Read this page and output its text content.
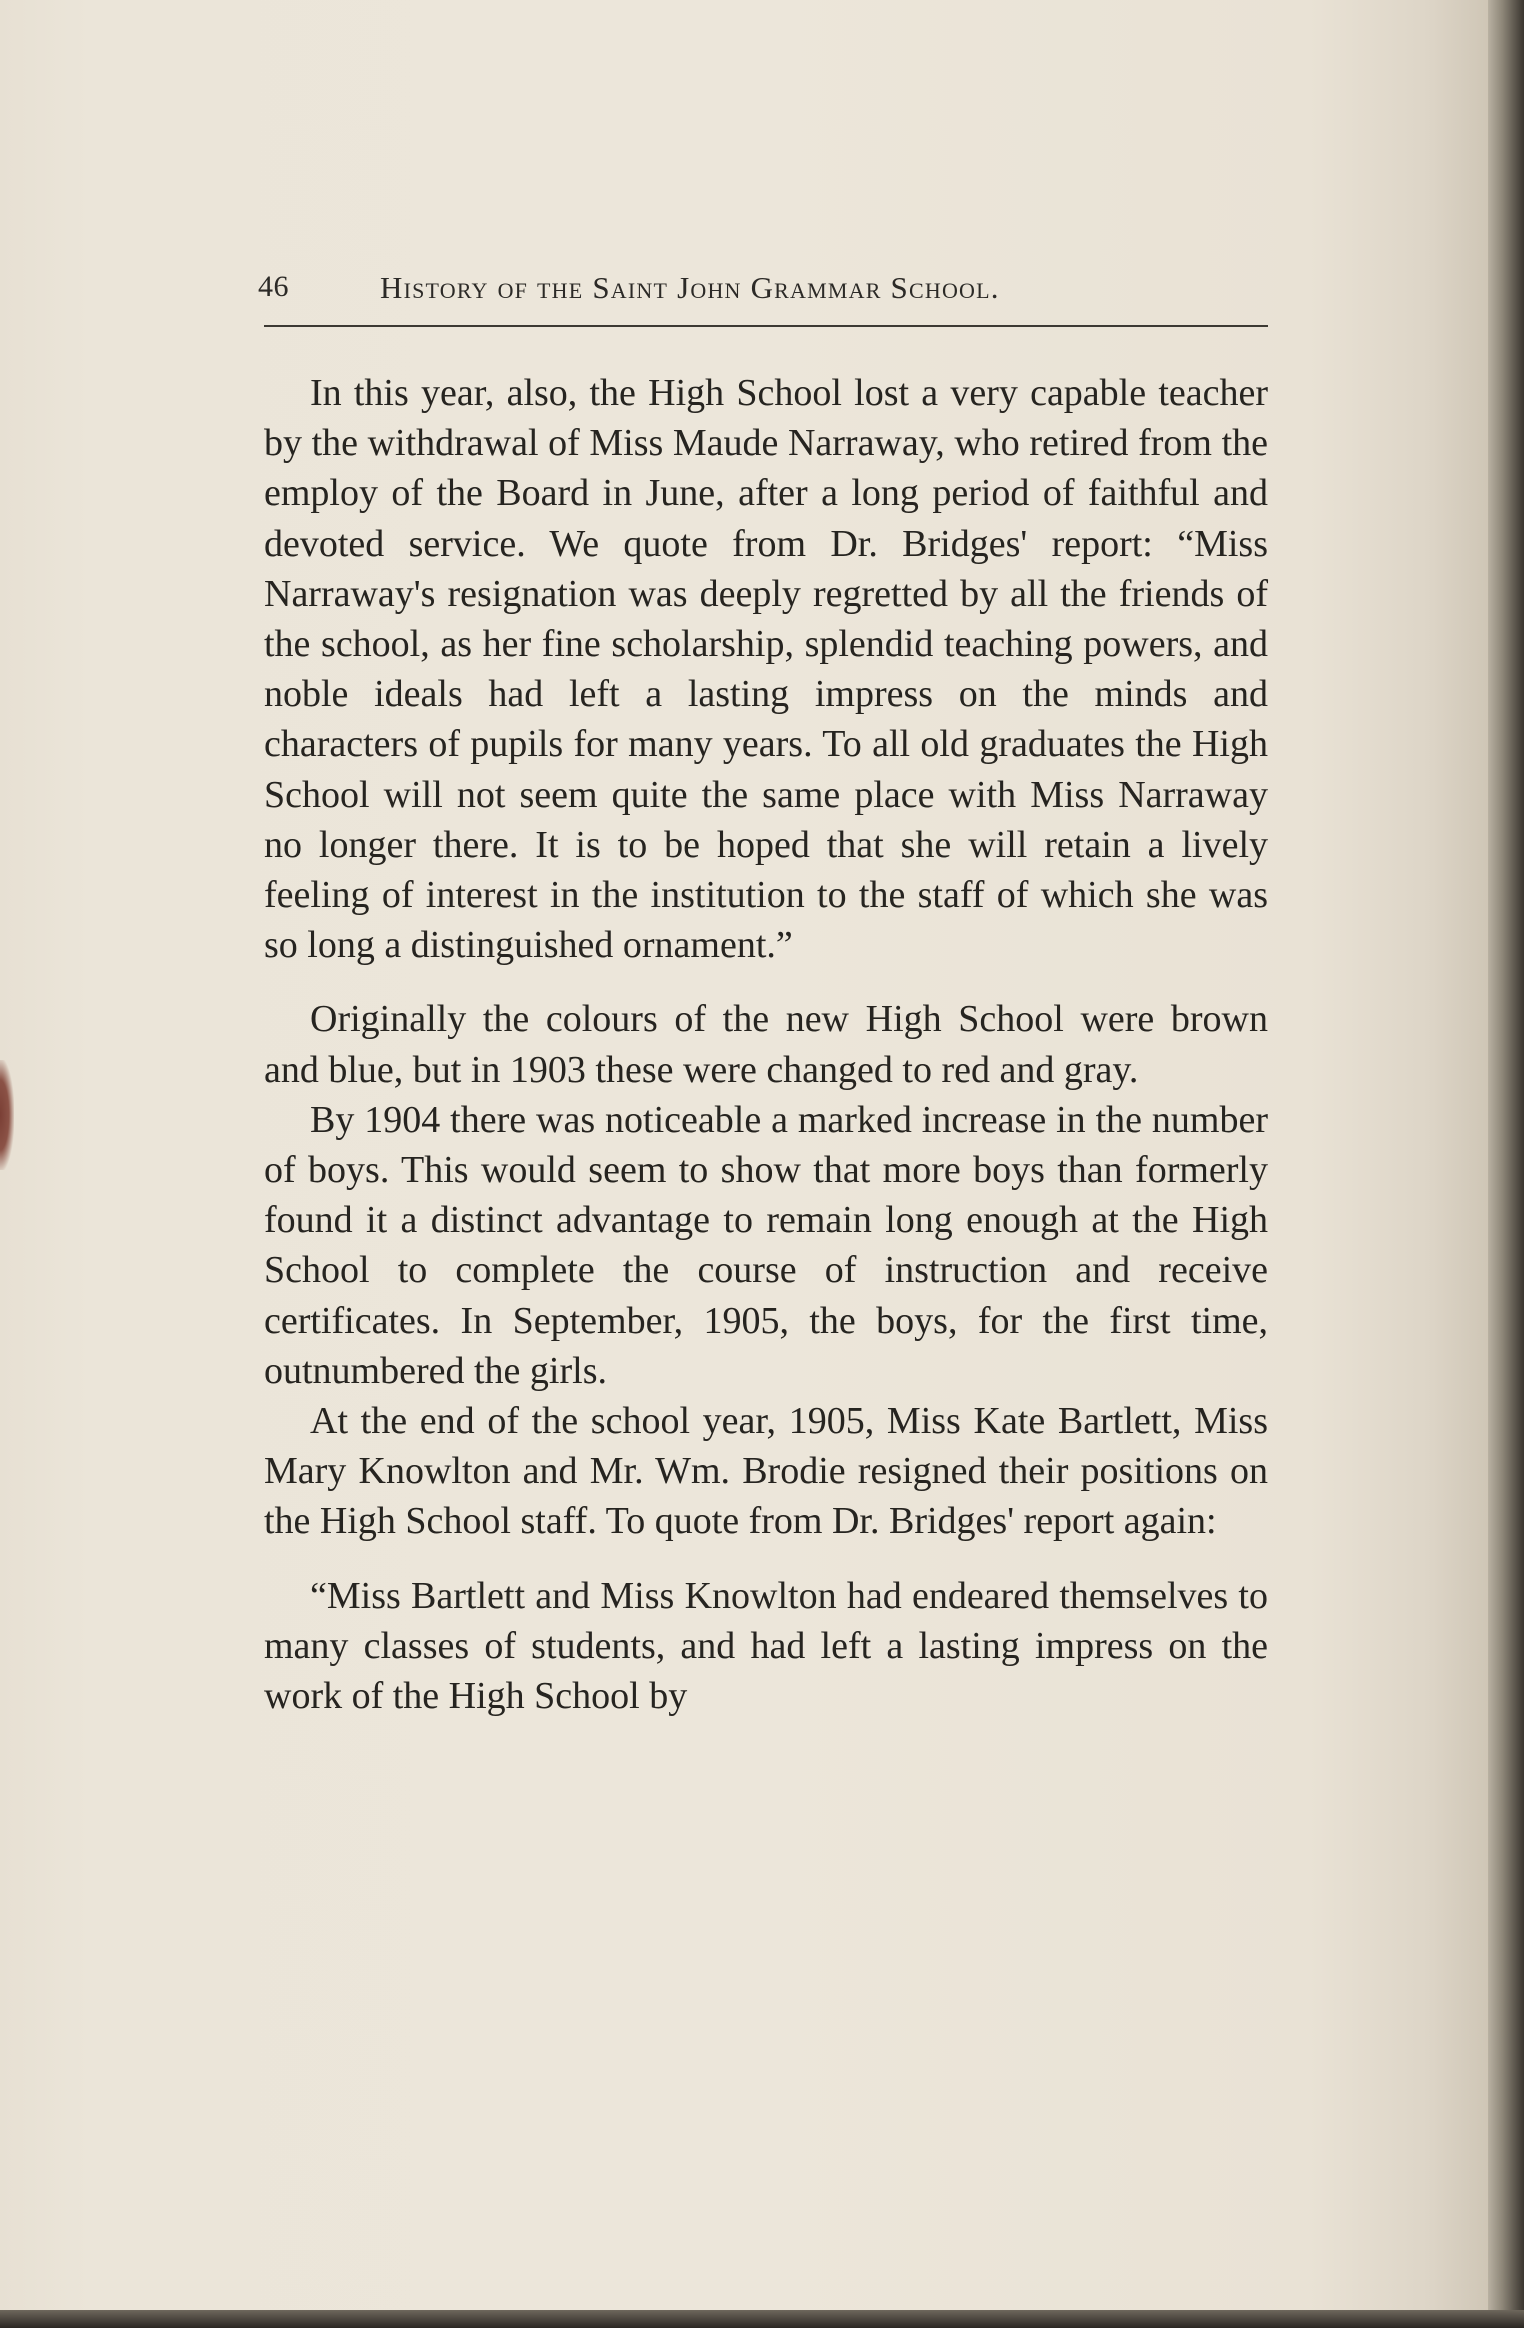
46	History of the Saint John Grammar School.

In this year, also, the High School lost a very capable teacher by the withdrawal of Miss Maude Narraway, who retired from the employ of the Board in June, after a long period of faithful and devoted service. We quote from Dr. Bridges' report: “Miss Narraway's resignation was deeply regretted by all the friends of the school, as her fine scholarship, splendid teaching powers, and noble ideals had left a lasting impress on the minds and characters of pupils for many years. To all old graduates the High School will not seem quite the same place with Miss Narraway no longer there. It is to be hoped that she will retain a lively feeling of interest in the institution to the staff of which she was so long a distinguished ornament.”

Originally the colours of the new High School were brown and blue, but in 1903 these were changed to red and gray.

By 1904 there was noticeable a marked increase in the number of boys. This would seem to show that more boys than formerly found it a distinct advantage to remain long enough at the High School to complete the course of instruction and receive certificates. In September, 1905, the boys, for the first time, outnumbered the girls.

At the end of the school year, 1905, Miss Kate Bartlett, Miss Mary Knowlton and Mr. Wm. Brodie resigned their positions on the High School staff. To quote from Dr. Bridges' report again:

“Miss Bartlett and Miss Knowlton had endeared themselves to many classes of students, and had left a lasting impress on the work of the High School by
